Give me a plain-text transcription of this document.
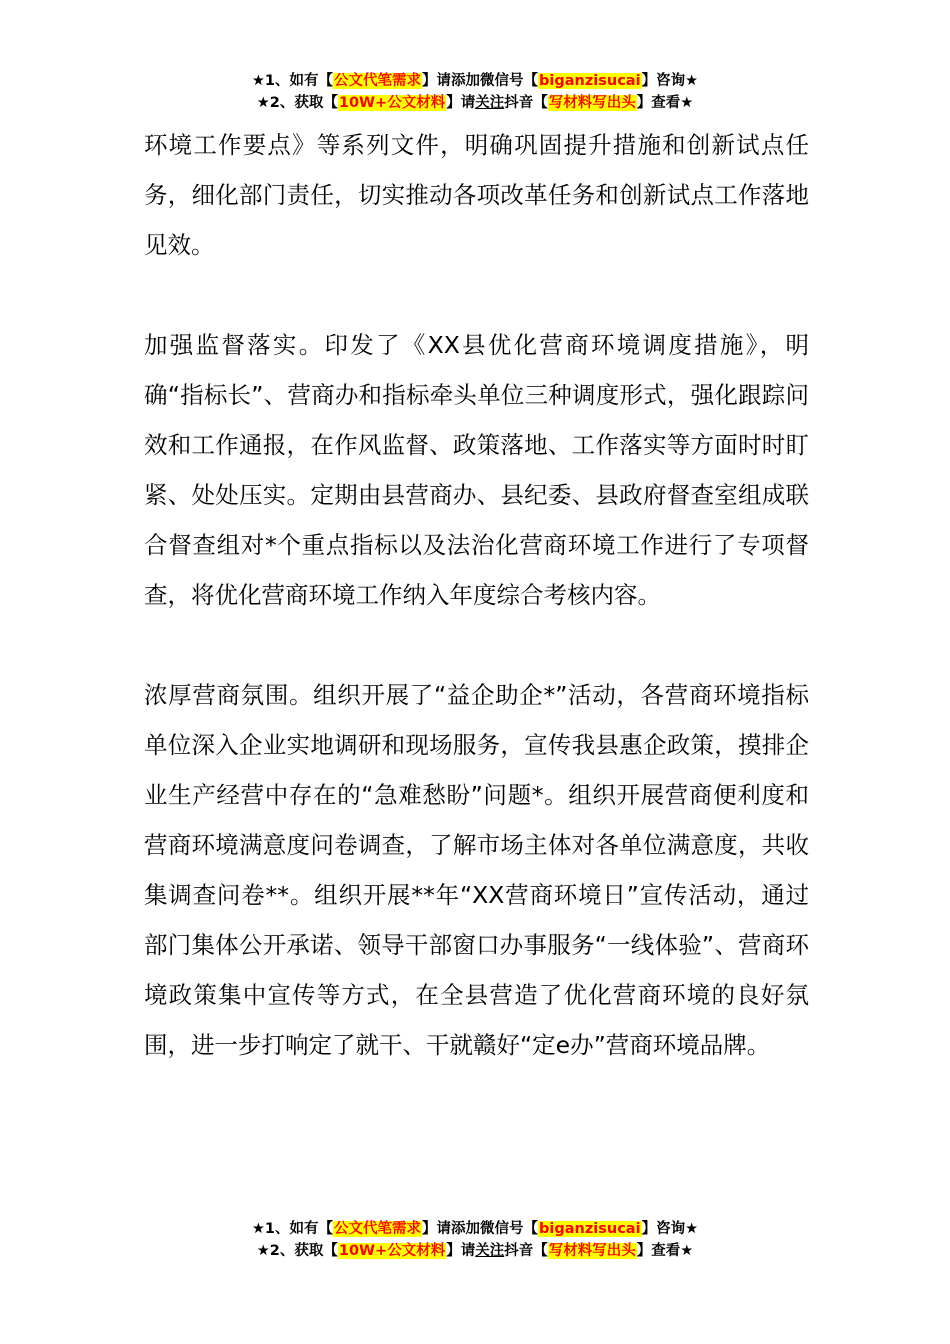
★1、如有【公文代笔需求】请添加微信号【biganzisucai】咨询★
★2、获取【10W+公文材料】请关注抖音【写材料写出头】查看★

环境工作要点》等系列文件，明确巩固提升措施和创新试点任务，细化部门责任，切实推动各项改革任务和创新试点工作落地见效。

加强监督落实。印发了《XX县优化营商环境调度措施》，明确“指标长”、营商办和指标牵头单位三种调度形式，强化跟踪问效和工作通报，在作风监督、政策落地、工作落实等方面时时盯紧、处处压实。定期由县营商办、县纪委、县政府督查室组成联合督查组对*个重点指标以及法治化营商环境工作进行了专项督查，将优化营商环境工作纳入年度综合考核内容。

浓厚营商氛围。组织开展了“益企助企*”活动，各营商环境指标单位深入企业实地调研和现场服务，宣传我县惠企政策，摸排企业生产经营中存在的“急难愁盼”问题*。组织开展营商便利度和营商环境满意度问卷调查，了解市场主体对各单位满意度，共收集调查问卷**。组织开展**年“XX营商环境日”宣传活动，通过部门集体公开承诺、领导干部窗口办事服务“一线体验”、营商环境政策集中宣传等方式，在全县营造了优化营商环境的良好氛围，进一步打响定了就干、干就赣好“定e办”营商环境品牌。

★1、如有【公文代笔需求】请添加微信号【biganzisucai】咨询★
★2、获取【10W+公文材料】请关注抖音【写材料写出头】查看★
